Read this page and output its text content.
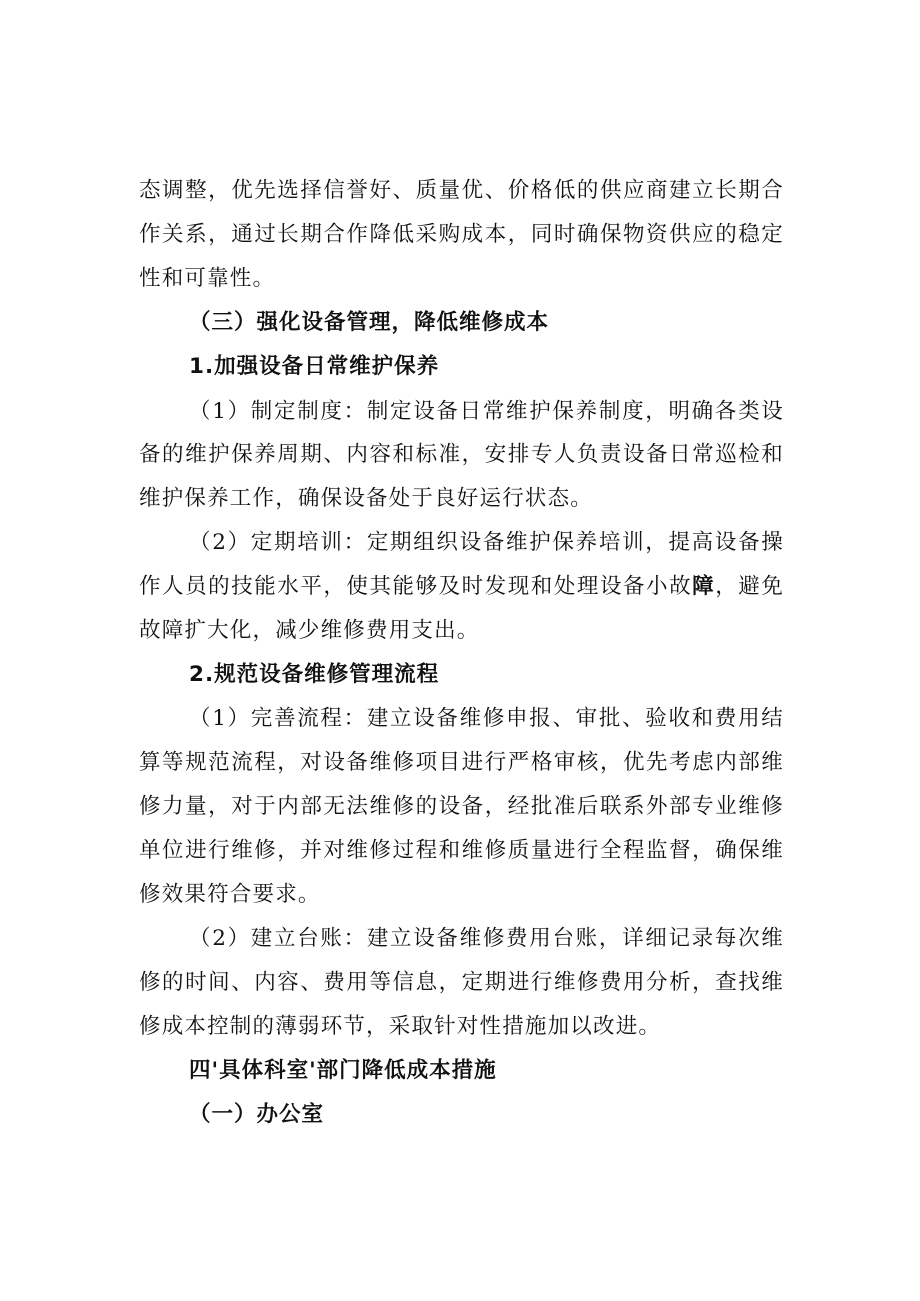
态调整，优先选择信誉好、质量优、价格低的供应商建立长期合
作关系，通过长期合作降低采购成本，同时确保物资供应的稳定
性和可靠性。
（三）强化设备管理，降低维修成本
1.加强设备日常维护保养
（1）制定制度：制定设备日常维护保养制度，明确各类设
备的维护保养周期、内容和标准，安排专人负责设备日常巡检和
维护保养工作，确保设备处于良好运行状态。
（2）定期培训：定期组织设备维护保养培训，提高设备操
作人员的技能水平，使其能够及时发现和处理设备小故障，避免
故障扩大化，减少维修费用支出。
2.规范设备维修管理流程
（1）完善流程：建立设备维修申报、审批、验收和费用结
算等规范流程，对设备维修项目进行严格审核，优先考虑内部维
修力量，对于内部无法维修的设备，经批准后联系外部专业维修
单位进行维修，并对维修过程和维修质量进行全程监督，确保维
修效果符合要求。
（2）建立台账：建立设备维修费用台账，详细记录每次维
修的时间、内容、费用等信息，定期进行维修费用分析，查找维
修成本控制的薄弱环节，采取针对性措施加以改进。
四'具体科室'部门降低成本措施
（一）办公室
